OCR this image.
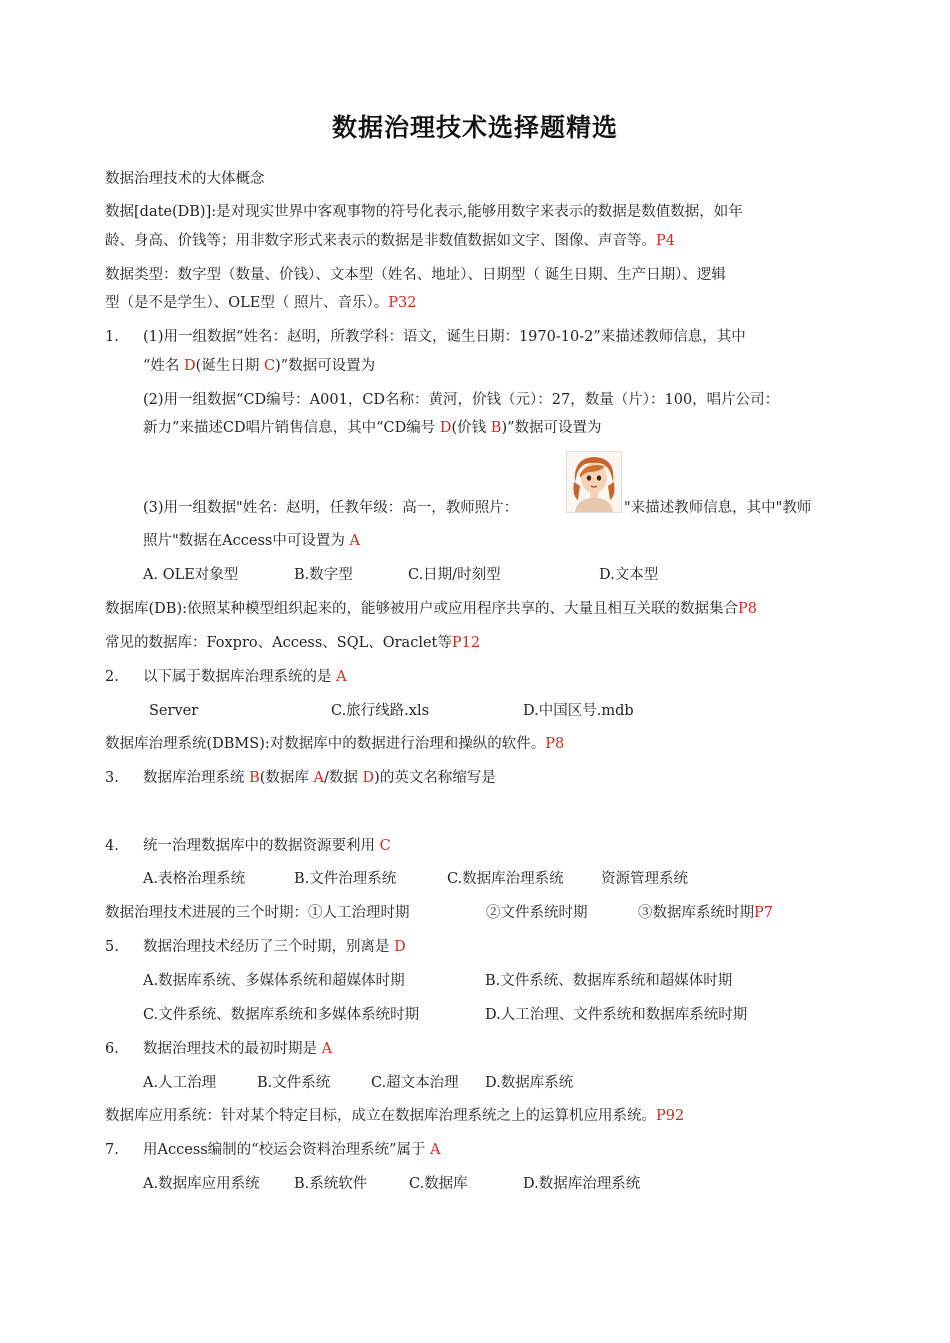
数据治理技术选择题精选
数据治理技术的大体概念
数据[date(DB)]:是对现实世界中客观事物的符号化表示,能够用数字来表示的数据是数值数据，如年
龄、身高、价钱等；用非数字形式来表示的数据是非数值数据如文字、图像、声音等。P4
数据类型：数字型（数量、价钱）、文本型（姓名、地址）、日期型（ 诞生日期、生产日期）、逻辑
型（是不是学生）、OLE型（ 照片、音乐）。P32
1. (1)用一组数据“姓名：赵明，所教学科：语文，诞生日期：1970-10-2”来描述教师信息，其中
“姓名 D(诞生日期 C)”数据可设置为
(2)用一组数据“CD编号：A001，CD名称：黄河，价钱（元）：27，数量（片）：100，唱片公司：
新力”来描述CD唱片销售信息，其中“CD编号 D(价钱 B)”数据可设置为
(3)用一组数据"姓名：赵明，任教年级：高一，教师照片：	"来描述教师信息，其中"教师
照片"数据在Access中可设置为 A
A. OLE对象型	B.数字型	C.日期/时刻型	D.文本型
数据库(DB):依照某种模型组织起来的，能够被用户或应用程序共享的、大量且相互关联的数据集合P8
常见的数据库：Foxpro、Access、SQL、Oraclet等P12
2. 以下属于数据库治理系统的是 A
Server	C.旅行线路.xls	D.中国区号.mdb
数据库治理系统(DBMS):对数据库中的数据进行治理和操纵的软件。P8
3. 数据库治理系统 B(数据库 A/数据 D)的英文名称缩写是
4. 统一治理数据库中的数据资源要利用 C
A.表格治理系统	B.文件治理系统	C.数据库治理系统	资源管理系统
数据治理技术进展的三个时期：①人工治理时期	②文件系统时期	③数据库系统时期P7
5. 数据治理技术经历了三个时期，别离是 D
A.数据库系统、多媒体系统和超媒体时期	B.文件系统、数据库系统和超媒体时期
C.文件系统、数据库系统和多媒体系统时期	D.人工治理、文件系统和数据库系统时期
6. 数据治理技术的最初时期是 A
A.人工治理	B.文件系统	C.超文本治理 D.数据库系统
数据库应用系统：针对某个特定目标，成立在数据库治理系统之上的运算机应用系统。P92
7. 用Access编制的“校运会资料治理系统”属于 A
A.数据库应用系统 B.系统软件	C.数据库	D.数据库治理系统
